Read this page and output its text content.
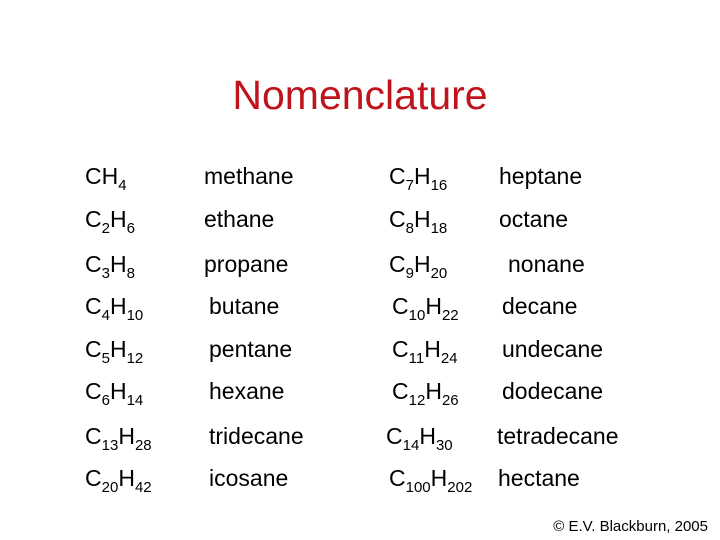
Nomenclature
$CH_4$	methane	$C_7H_{16}$ heptane
$C_2H_6$	ethane	$C_8H_{18}$ octane
$C_3H_8$	propane	$C_9H_{20}$	nonane
$C_4H_{10}$	butane	$C_{10}H_{22}$ decane
$C_5H_{12}$	pentane	$C_{11}H_{24}$ undecane
$C_6H_{14}$	hexane	$C_{12}H_{26}$ dodecane
$C_{13}H_{28}$ tridecane	$C_{14}H_{30}$ tetradecane
$C_{20}H_{42}$ icosane	$C_{100}H_{202}$ hectane
© E.V. Blackburn, 2005
